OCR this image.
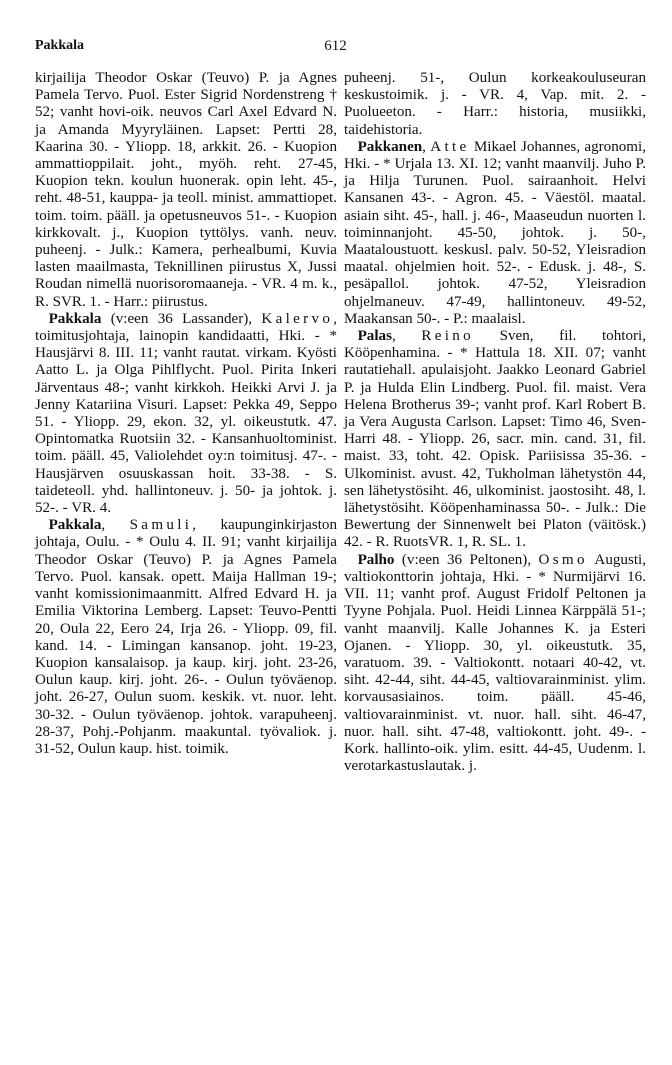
612
Pakkala

kirjailija Theodor Oskar (Teuvo) P. ja Agnes Pamela Tervo. Puol. Ester Sigrid Nordenstreng † 52; vanht hovi-oik. neuvos Carl Axel Edvard N. ja Amanda Myyryläinen. Lapset: Pertti 28, Kaarina 30. - Yliopp. 18, arkkit. 26. - Kuopion ammattioppilait. joht., myöh. reht. 27-45, Kuopion tekn. koulun huonerak. opin leht. 45-, reht. 48-51, kauppa- ja teoll. minist. ammattiopet. toim. toim. pääll. ja opetusneuvos 51-. - Kuopion kirkkovalt. j., Kuopion tyttölys. vanh. neuv. puheenj. - Julk.: Kamera, perhealbumi, Kuvia lasten maailmasta, Teknillinen piirustus X, Jussi Roudan nimellä nuorisoromaaneja. - VR. 4 m. k., R. SVR. 1. - Harr.: piirustus.

Pakkala (v:een 36 Lassander), Kalervo, toimitusjohtaja, lainopin kandidaatti, Hki. - * Hausjärvi 8. III. 11; vanht rautat. virkam. Kyösti Aatto L. ja Olga Pihlflycht. Puol. Pirita Inkeri Järventaus 48-; vanht kirkkoh. Heikki Arvi J. ja Jenny Katariina Visuri. Lapset: Pekka 49, Seppo 51. - Yliopp. 29, ekon. 32, yl. oikeustutk. 47. Opintomatka Ruotsiin 32. - Kansanhuoltominist. toim. pääll. 45, Valiolehdet oy:n toimitusj. 47-. - Hausjärven osuuskassan hoit. 33-38. - S. taideteoll. yhd. hallintoneuv. j. 50- ja johtok. j. 52-. - VR. 4.

Pakkala, Samuli, kaupunginkirjaston johtaja, Oulu. - * Oulu 4. II. 91; vanht kirjailija Theodor Oskar (Teuvo) P. ja Agnes Pamela Tervo. Puol. kansak. opett. Maija Hallman 19-; vanht komissionimaanmitt. Alfred Edvard H. ja Emilia Viktorina Lemberg. Lapset: Teuvo-Pentti 20, Oula 22, Eero 24, Irja 26. - Yliopp. 09, fil. kand. 14. - Limingan kansanop. joht. 19-23, Kuopion kansalaisop. ja kaup. kirj. joht. 23-26, Oulun kaup. kirj. joht. 26-. - Oulun työväenop. joht. 26-27, Oulun suom. keskik. vt. nuor. leht. 30-32. - Oulun työväenop. johtok. varapuheenj. 28-37, Pohj.-Pohjanm. maakuntal. työvaliok. j. 31-52, Oulun kaup. hist. toimik.

puheenj. 51-, Oulun korkeakouluseuran keskustoimik. j. - VR. 4, Vap. mit. 2. - Puolueeton. - Harr.: historia, musiikki, taidehistoria.

Pakkanen, Atte Mikael Johannes, agronomi, Hki. - * Urjala 13. XI. 12; vanht maanvilj. Juho P. ja Hilja Turunen. Puol. sairaanhoit. Helvi Kansanen 43-. - Agron. 45. - Väestöl. maatal. asiain siht. 45-, hall. j. 46-, Maaseudun nuorten l. toiminnanjoht. 45-50, johtok. j. 50-, Maataloustuott. keskusl. palv. 50-52, Yleisradion maatal. ohjelmien hoit. 52-. - Edusk. j. 48-, S. pesäpallol. johtok. 47-52, Yleisradion ohjelmaneuv. 47-49, hallintoneuv. 49-52, Maakansan 50-. - P.: maalaisl.

Palas, Reino Sven, fil. tohtori, Kööpenhamina. - * Hattula 18. XII. 07; vanht rautatiehall. apulaisjoht. Jaakko Leonard Gabriel P. ja Hulda Elin Lindberg. Puol. fil. maist. Vera Helena Brotherus 39-; vanht prof. Karl Robert B. ja Vera Augusta Carlson. Lapset: Timo 46, Sven-Harri 48. - Yliopp. 26, sacr. min. cand. 31, fil. maist. 33, toht. 42. Opisk. Pariisissa 35-36. - Ulkominist. avust. 42, Tukholman lähetystön 44, sen lähetystösiht. 46, ulkominist. jaostosiht. 48, l. lähetystösiht. Kööpenhaminassa 50-. - Julk.: Die Bewertung der Sinnenwelt bei Platon (väitösk.) 42. - R. RuotsVR. 1, R. SL. 1.

Palho (v:een 36 Peltonen), Osmo Augusti, valtiokonttorin johtaja, Hki. - * Nurmijärvi 16. VII. 11; vanht prof. August Fridolf Peltonen ja Tyyne Pohjala. Puol. Heidi Linnea Kärppälä 51-; vanht maanvilj. Kalle Johannes K. ja Esteri Ojanen. - Yliopp. 30, yl. oikeustutk. 35, varatuom. 39. - Valtiokontt. notaari 40-42, vt. siht. 42-44, siht. 44-45, valtiovarainminist. ylim. korvausasiainos. toim. pääll. 45-46, valtiovarainminist. vt. nuor. hall. siht. 46-47, nuor. hall. siht. 47-48, valtiokontt. joht. 49-. - Kork. hallinto-oik. ylim. esitt. 44-45, Uudenm. l. verotarkastuslautak. j.
